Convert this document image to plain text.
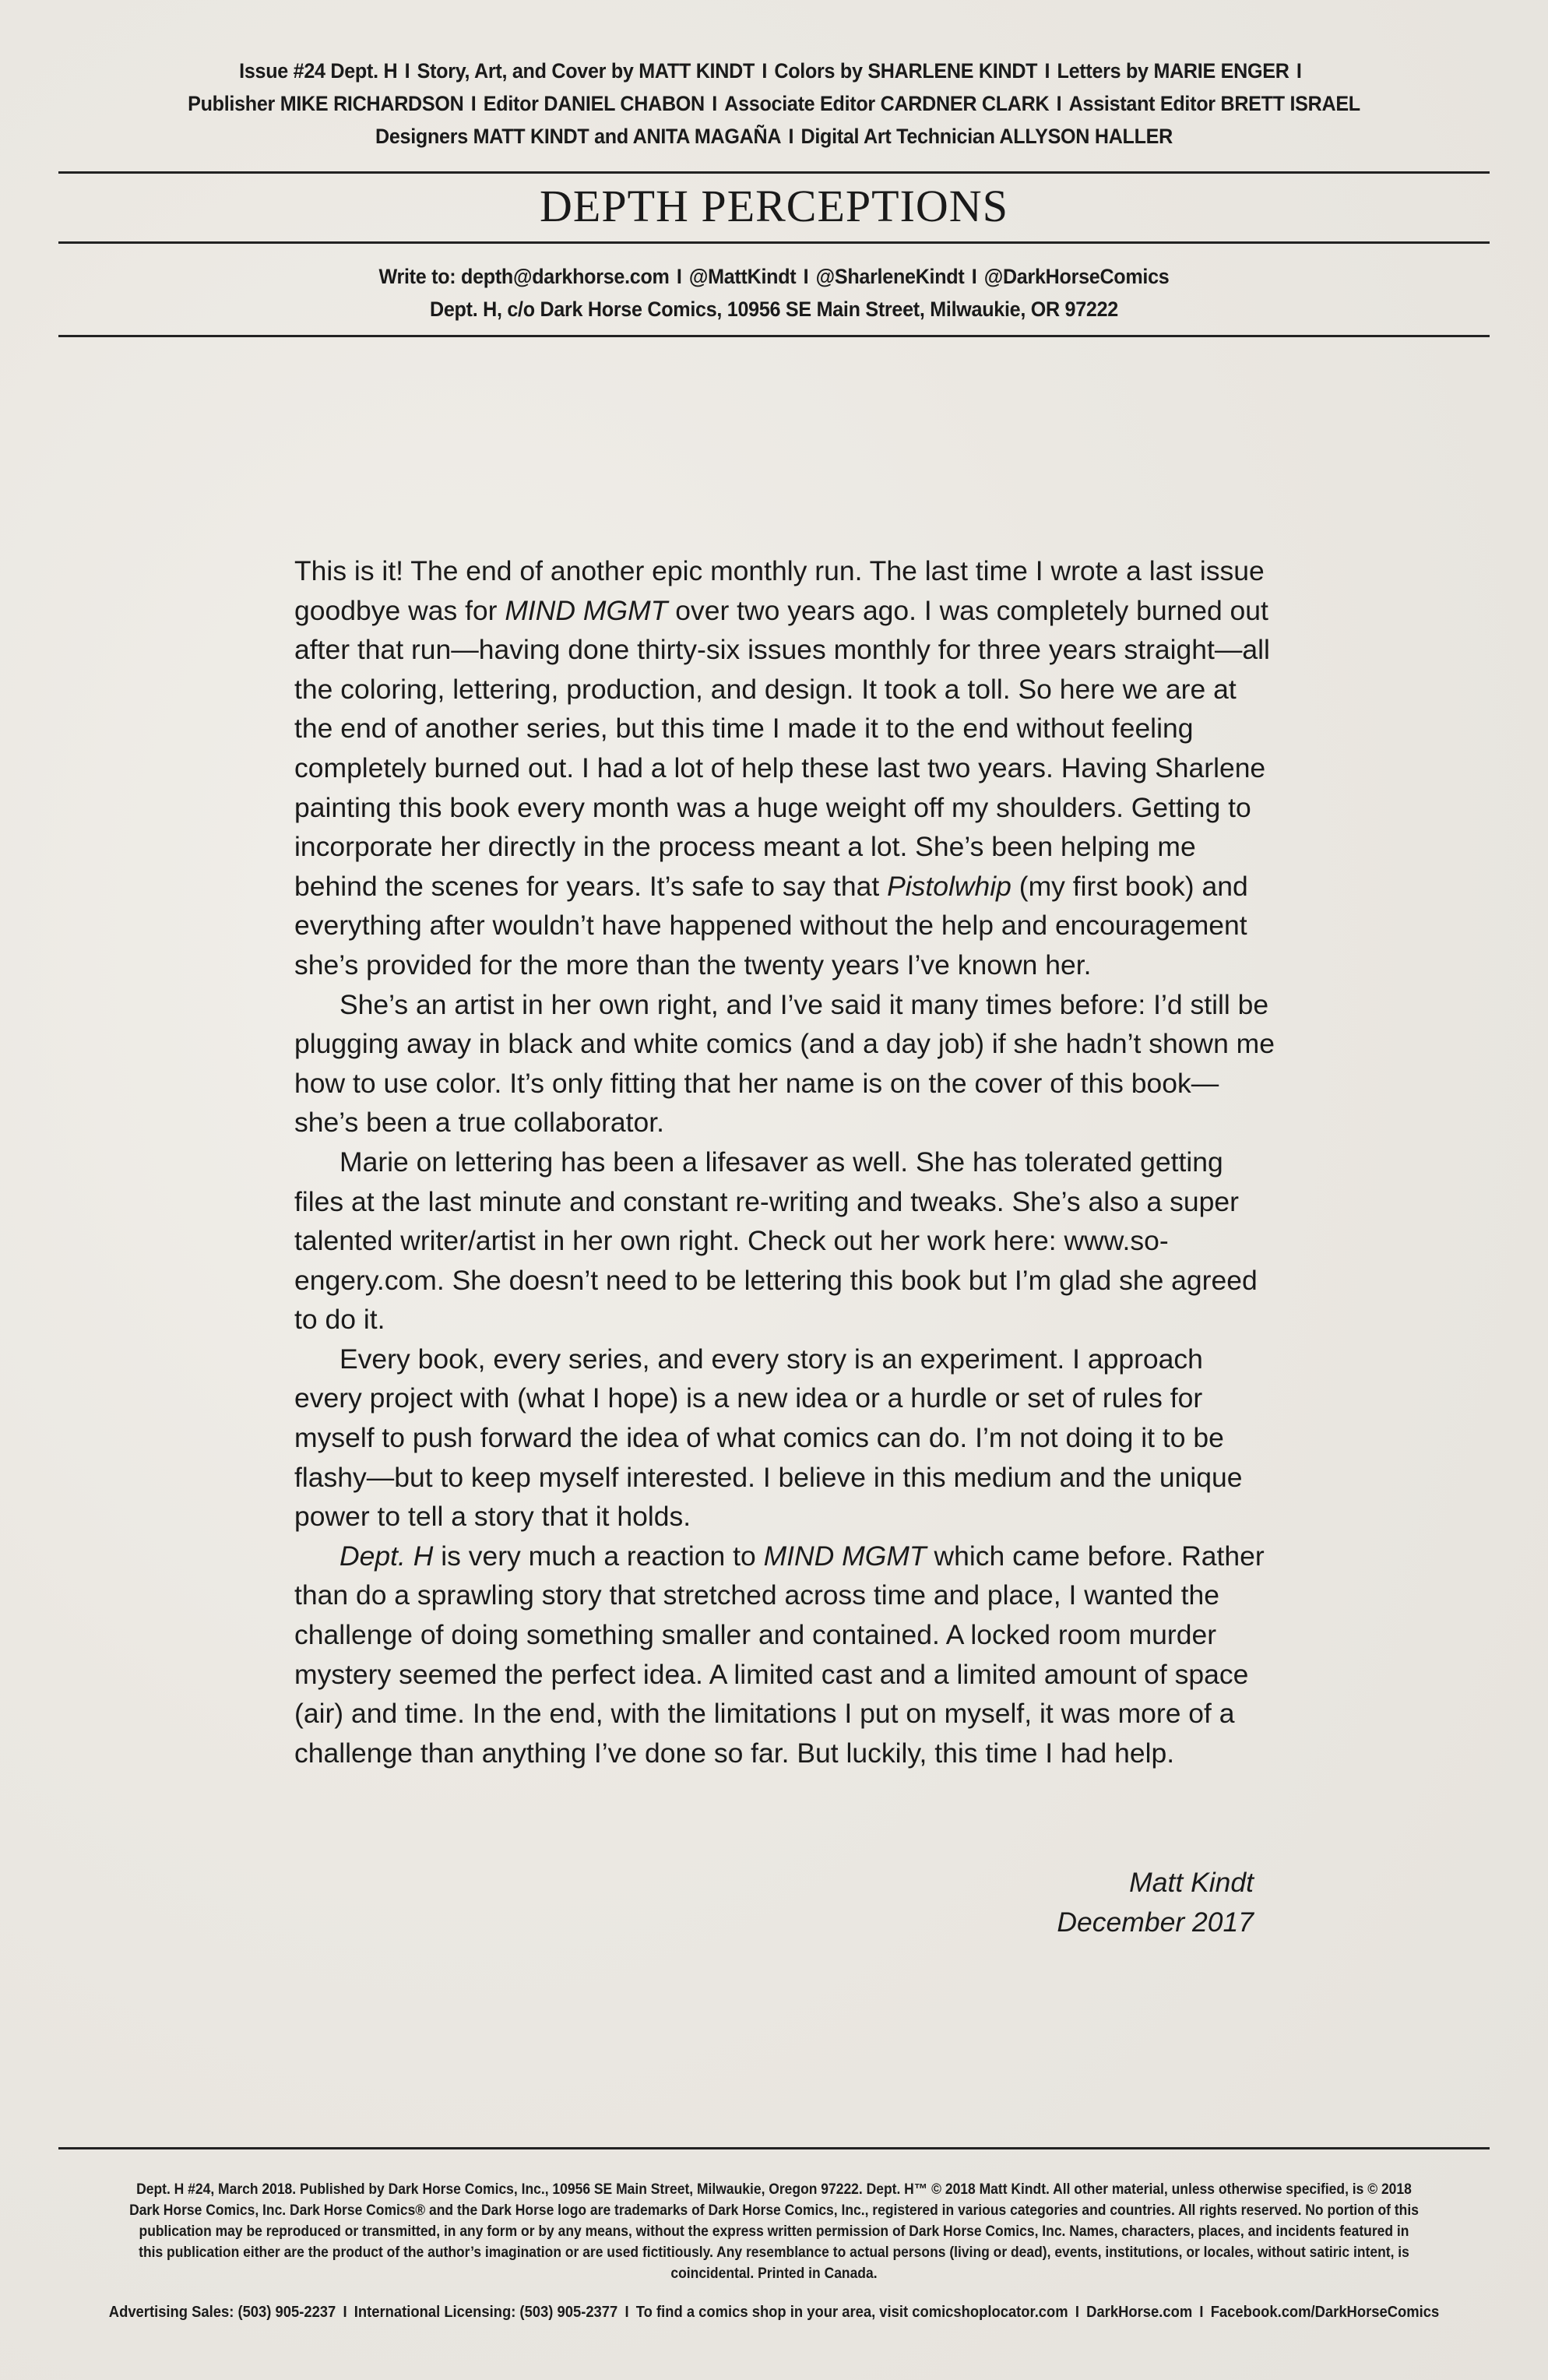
Issue #24 Dept. H I Story, Art, and Cover by MATT KINDT I Colors by SHARLENE KINDT I Letters by MARIE ENGER I
Publisher MIKE RICHARDSON I Editor DANIEL CHABON I Associate Editor CARDNER CLARK I Assistant Editor BRETT ISRAEL
Designers MATT KINDT and ANITA MAGAÑA I Digital Art Technician ALLYSON HALLER
DEPTH PERCEPTIONS
Write to: depth@darkhorse.com I @MattKindt I @SharleneKindt I @DarkHorseComics
Dept. H, c/o Dark Horse Comics, 10956 SE Main Street, Milwaukie, OR 97222

This is it! The end of another epic monthly run. The last time I wrote a last issue goodbye was for MIND MGMT over two years ago. I was completely burned out after that run—having done thirty-six issues monthly for three years straight—all the coloring, lettering, production, and design. It took a toll. So here we are at the end of another series, but this time I made it to the end without feeling completely burned out. I had a lot of help these last two years. Having Sharlene painting this book every month was a huge weight off my shoulders. Getting to incorporate her directly in the process meant a lot. She’s been helping me behind the scenes for years. It’s safe to say that Pistolwhip (my first book) and everything after wouldn’t have happened without the help and encouragement she’s provided for the more than the twenty years I’ve known her.

She’s an artist in her own right, and I’ve said it many times before: I’d still be plugging away in black and white comics (and a day job) if she hadn’t shown me how to use color. It’s only fitting that her name is on the cover of this book—she’s been a true collaborator.

Marie on lettering has been a lifesaver as well. She has tolerated getting files at the last minute and constant re-writing and tweaks. She’s also a super talented writer/artist in her own right. Check out her work here: www.so-engery.com. She doesn’t need to be lettering this book but I’m glad she agreed to do it.

Every book, every series, and every story is an experiment. I approach every project with (what I hope) is a new idea or a hurdle or set of rules for myself to push forward the idea of what comics can do. I’m not doing it to be flashy—but to keep myself interested. I believe in this medium and the unique power to tell a story that it holds.

Dept. H is very much a reaction to MIND MGMT which came before. Rather than do a sprawling story that stretched across time and place, I wanted the challenge of doing something smaller and contained. A locked room murder mystery seemed the perfect idea. A limited cast and a limited amount of space (air) and time. In the end, with the limitations I put on myself, it was more of a challenge than anything I’ve done so far. But luckily, this time I had help.

Matt Kindt
December 2017
Dept. H #24, March 2018. Published by Dark Horse Comics, Inc., 10956 SE Main Street, Milwaukie, Oregon 97222. Dept. H™ © 2018 Matt Kindt. All other material, unless otherwise specified, is © 2018 Dark Horse Comics, Inc. Dark Horse Comics® and the Dark Horse logo are trademarks of Dark Horse Comics, Inc., registered in various categories and countries. All rights reserved. No portion of this publication may be reproduced or transmitted, in any form or by any means, without the express written permission of Dark Horse Comics, Inc. Names, characters, places, and incidents featured in this publication either are the product of the author’s imagination or are used fictitiously. Any resemblance to actual persons (living or dead), events, institutions, or locales, without satiric intent, is coincidental. Printed in Canada.
Advertising Sales: (503) 905-2237 I International Licensing: (503) 905-2377 I To find a comics shop in your area, visit comicshoplocator.com I DarkHorse.com I Facebook.com/DarkHorseComics
